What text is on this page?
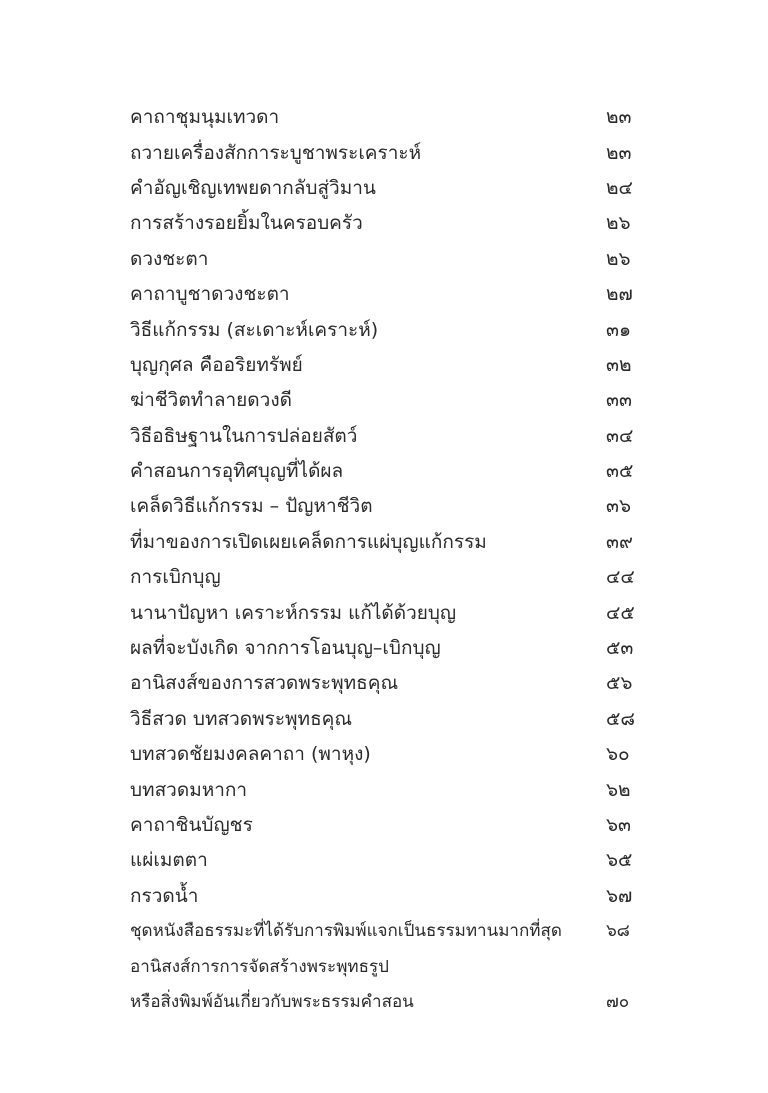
คาถาชุมนุมเทวดา	๒๓
ถวายเครื่องสักการะบูชาพระเคราะห์	๒๓
คำอัญเชิญเทพยดากลับสู่วิมาน	๒๔
การสร้างรอยยิ้มในครอบครัว	๒๖
ดวงชะตา	๒๖
คาถาบูชาดวงชะตา	๒๗
วิธีแก้กรรม (สะเดาะห์เคราะห์)	๓๑
บุญกุศล คืออริยทรัพย์	๓๒
ฆ่าชีวิตทำลายดวงดี	๓๓
วิธีอธิษฐานในการปล่อยสัตว์	๓๔
คำสอนการอุทิศบุญที่ได้ผล	๓๕
เคล็ดวิธีแก้กรรม – ปัญหาชีวิต	๓๖
ที่มาของการเปิดเผยเคล็ดการแผ่บุญแก้กรรม	๓๙
การเบิกบุญ	๔๔
นานาปัญหา เคราะห์กรรม แก้ได้ด้วยบุญ	๔๕
ผลที่จะบังเกิด จากการโอนบุญ–เบิกบุญ	๕๓
อานิสงส์ของการสวดพระพุทธคุณ	๕๖
วิธีสวด บทสวดพระพุทธคุณ	๕๘
บทสวดชัยมงคลคาถา (พาหุง)	๖๐
บทสวดมหากา	๖๒
คาถาชินบัญชร	๖๓
แผ่เมตตา	๖๕
กรวดน้ำ	๖๗
ชุดหนังสือธรรมะที่ได้รับการพิมพ์แจกเป็นธรรมทานมากที่สุด	๖๘
อานิสงส์การการจัดสร้างพระพุทธรูป
หรือสิ่งพิมพ์อันเกี่ยวกับพระธรรมคำสอน	๗๐
